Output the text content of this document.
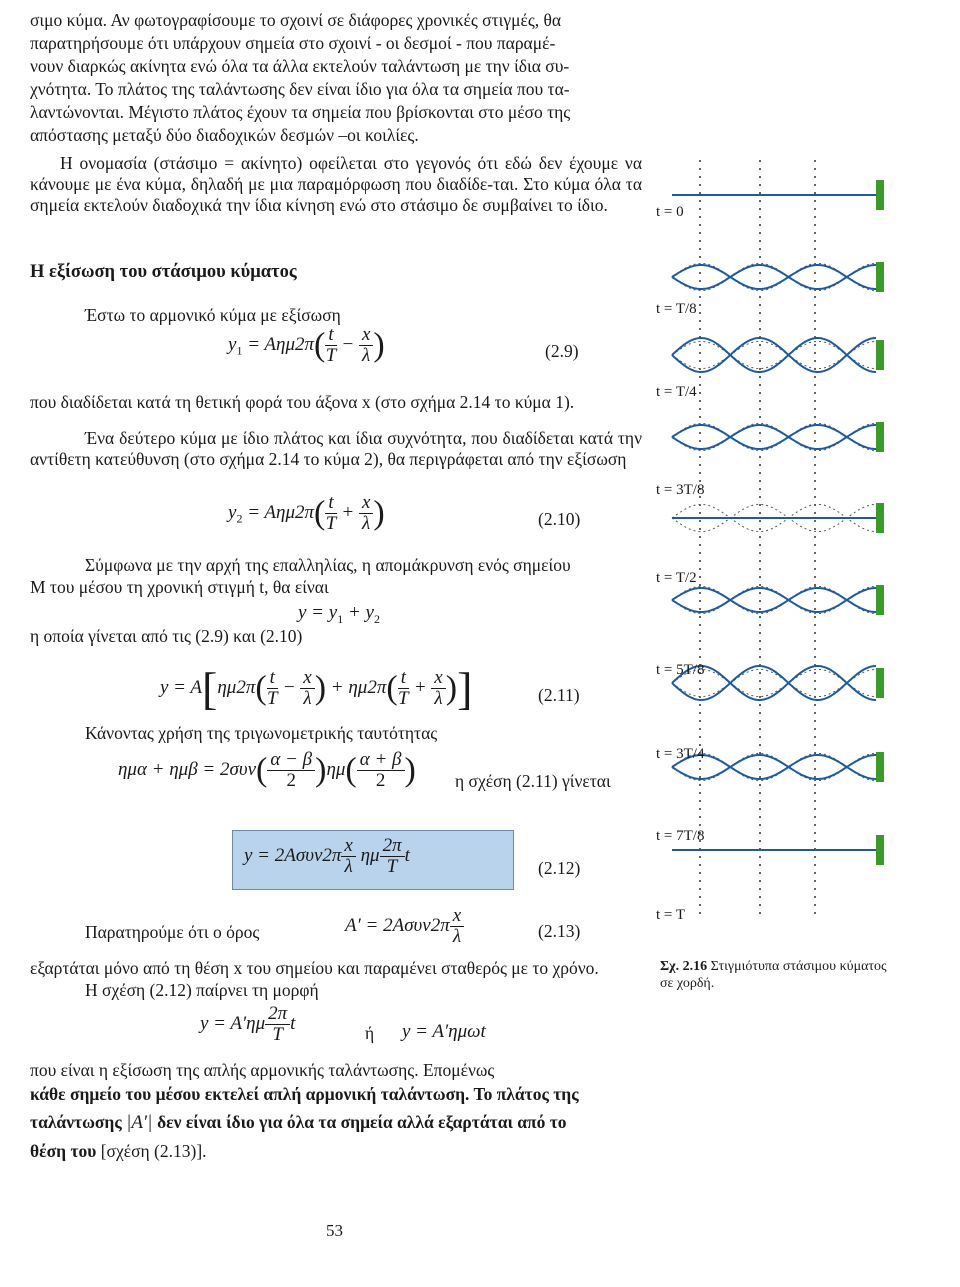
σιμο κύμα. Αν φωτογραφίσουμε το σχοινί σε διάφορες χρονικές στιγμές, θα
παρατηρήσουμε ότι υπάρχουν σημεία στο σχοινί - οι δεσμοί - που παραμέ-
νουν διαρκώς ακίνητα ενώ όλα τα άλλα εκτελούν ταλάντωση με την ίδια συ-
χνότητα. Το πλάτος της ταλάντωσης δεν είναι ίδιο για όλα τα σημεία που τα-
λαντώνονται. Μέγιστο πλάτος έχουν τα σημεία που βρίσκονται στο μέσο της
απόστασης μεταξύ δύο διαδοχικών δεσμών –οι κοιλίες.
Η ονομασία (στάσιμο = ακίνητο) οφείλεται στο γεγονός ότι εδώ δεν έχουμε να κάνουμε με ένα κύμα, δηλαδή με μια παραμόρφωση που διαδίδε-ται. Στο κύμα όλα τα σημεία εκτελούν διαδοχικά την ίδια κίνηση ενώ στο στάσιμο δε συμβαίνει το ίδιο.
Η εξίσωση του στάσιμου κύματος
Έστω το αρμονικό κύμα με εξίσωση
$y_1 = A\eta\mu 2\pi( \frac{t}{T} - \frac{x}{\lambda}$ )	(2.9)
που διαδίδεται κατά τη θετική φορά του άξονα x (στο σχήμα 2.14 το κύμα 1).
Ένα δεύτερο κύμα με ίδιο πλάτος και ίδια συχνότητα, που διαδίδεται κατά την αντίθετη κατεύθυνση (στο σχήμα 2.14 το κύμα 2), θα περιγράφεται από την εξίσωση
$y_2 = A\eta\mu 2\pi( \frac{t}{T} + \frac{x}{\lambda}$ )	(2.10)
Σύμφωνα με την αρχή της επαλληλίας, η απομάκρυνση ενός σημείου
Μ του μέσου τη χρονική στιγμή t, θα είναι
$y = y_1 + y_2$
η οποία γίνεται από τις (2.9) και (2.10)
$y = A[\eta\mu 2\pi( \frac{t}{T} - \frac{x}{\lambda}$ ) + $\eta\mu 2\pi( \frac{t}{T} + \frac{x}{\lambda}$ )]	(2.11)
Κάνοντας χρήση της τριγωνομετρικής ταυτότητας
$\eta\mu\alpha + \eta\mu\beta = 2\sigma\upsilon\nu( \frac{\alpha - \beta}{2} )\eta\mu( \frac{\alpha + \beta}{2}$ ) η σχέση (2.11) γίνεται
$y = 2A\sigma\upsilon\nu 2\pi \frac{x}{\lambda}$ ημ $\frac{2\pi}{T}$ t
(2.12)
Παρατηρούμε ότι ο όρος	$A' = 2A\sigma\upsilon\nu 2\pi \frac{x}{\lambda}$	(2.13)
εξαρτάται μόνο από τη θέση x του σημείου και παραμένει σταθερός με το χρόνο.
Η σχέση (2.12) παίρνει τη μορφή
$y = A'\eta\mu \frac{2\pi}{T}$ t	ή y = A′ημωt
που είναι η εξίσωση της απλής αρμονικής ταλάντωσης. Επομένως
κάθε σημείο του μέσου εκτελεί απλή αρμονική ταλάντωση. Το πλάτος της
ταλάντωσης |A′| δεν είναι ίδιο για όλα τα σημεία αλλά εξαρτάται από το
θέση του [σχέση (2.13)].
53
t = 0
t = T/8
t = T/4
t = 3T/8
t = T/2
t = 5T/8
t = 3T/4
t = 7T/8
t = T
Σχ. 2.16 Στιγμιότυπα στάσιμου κύματος σε χορδή.
